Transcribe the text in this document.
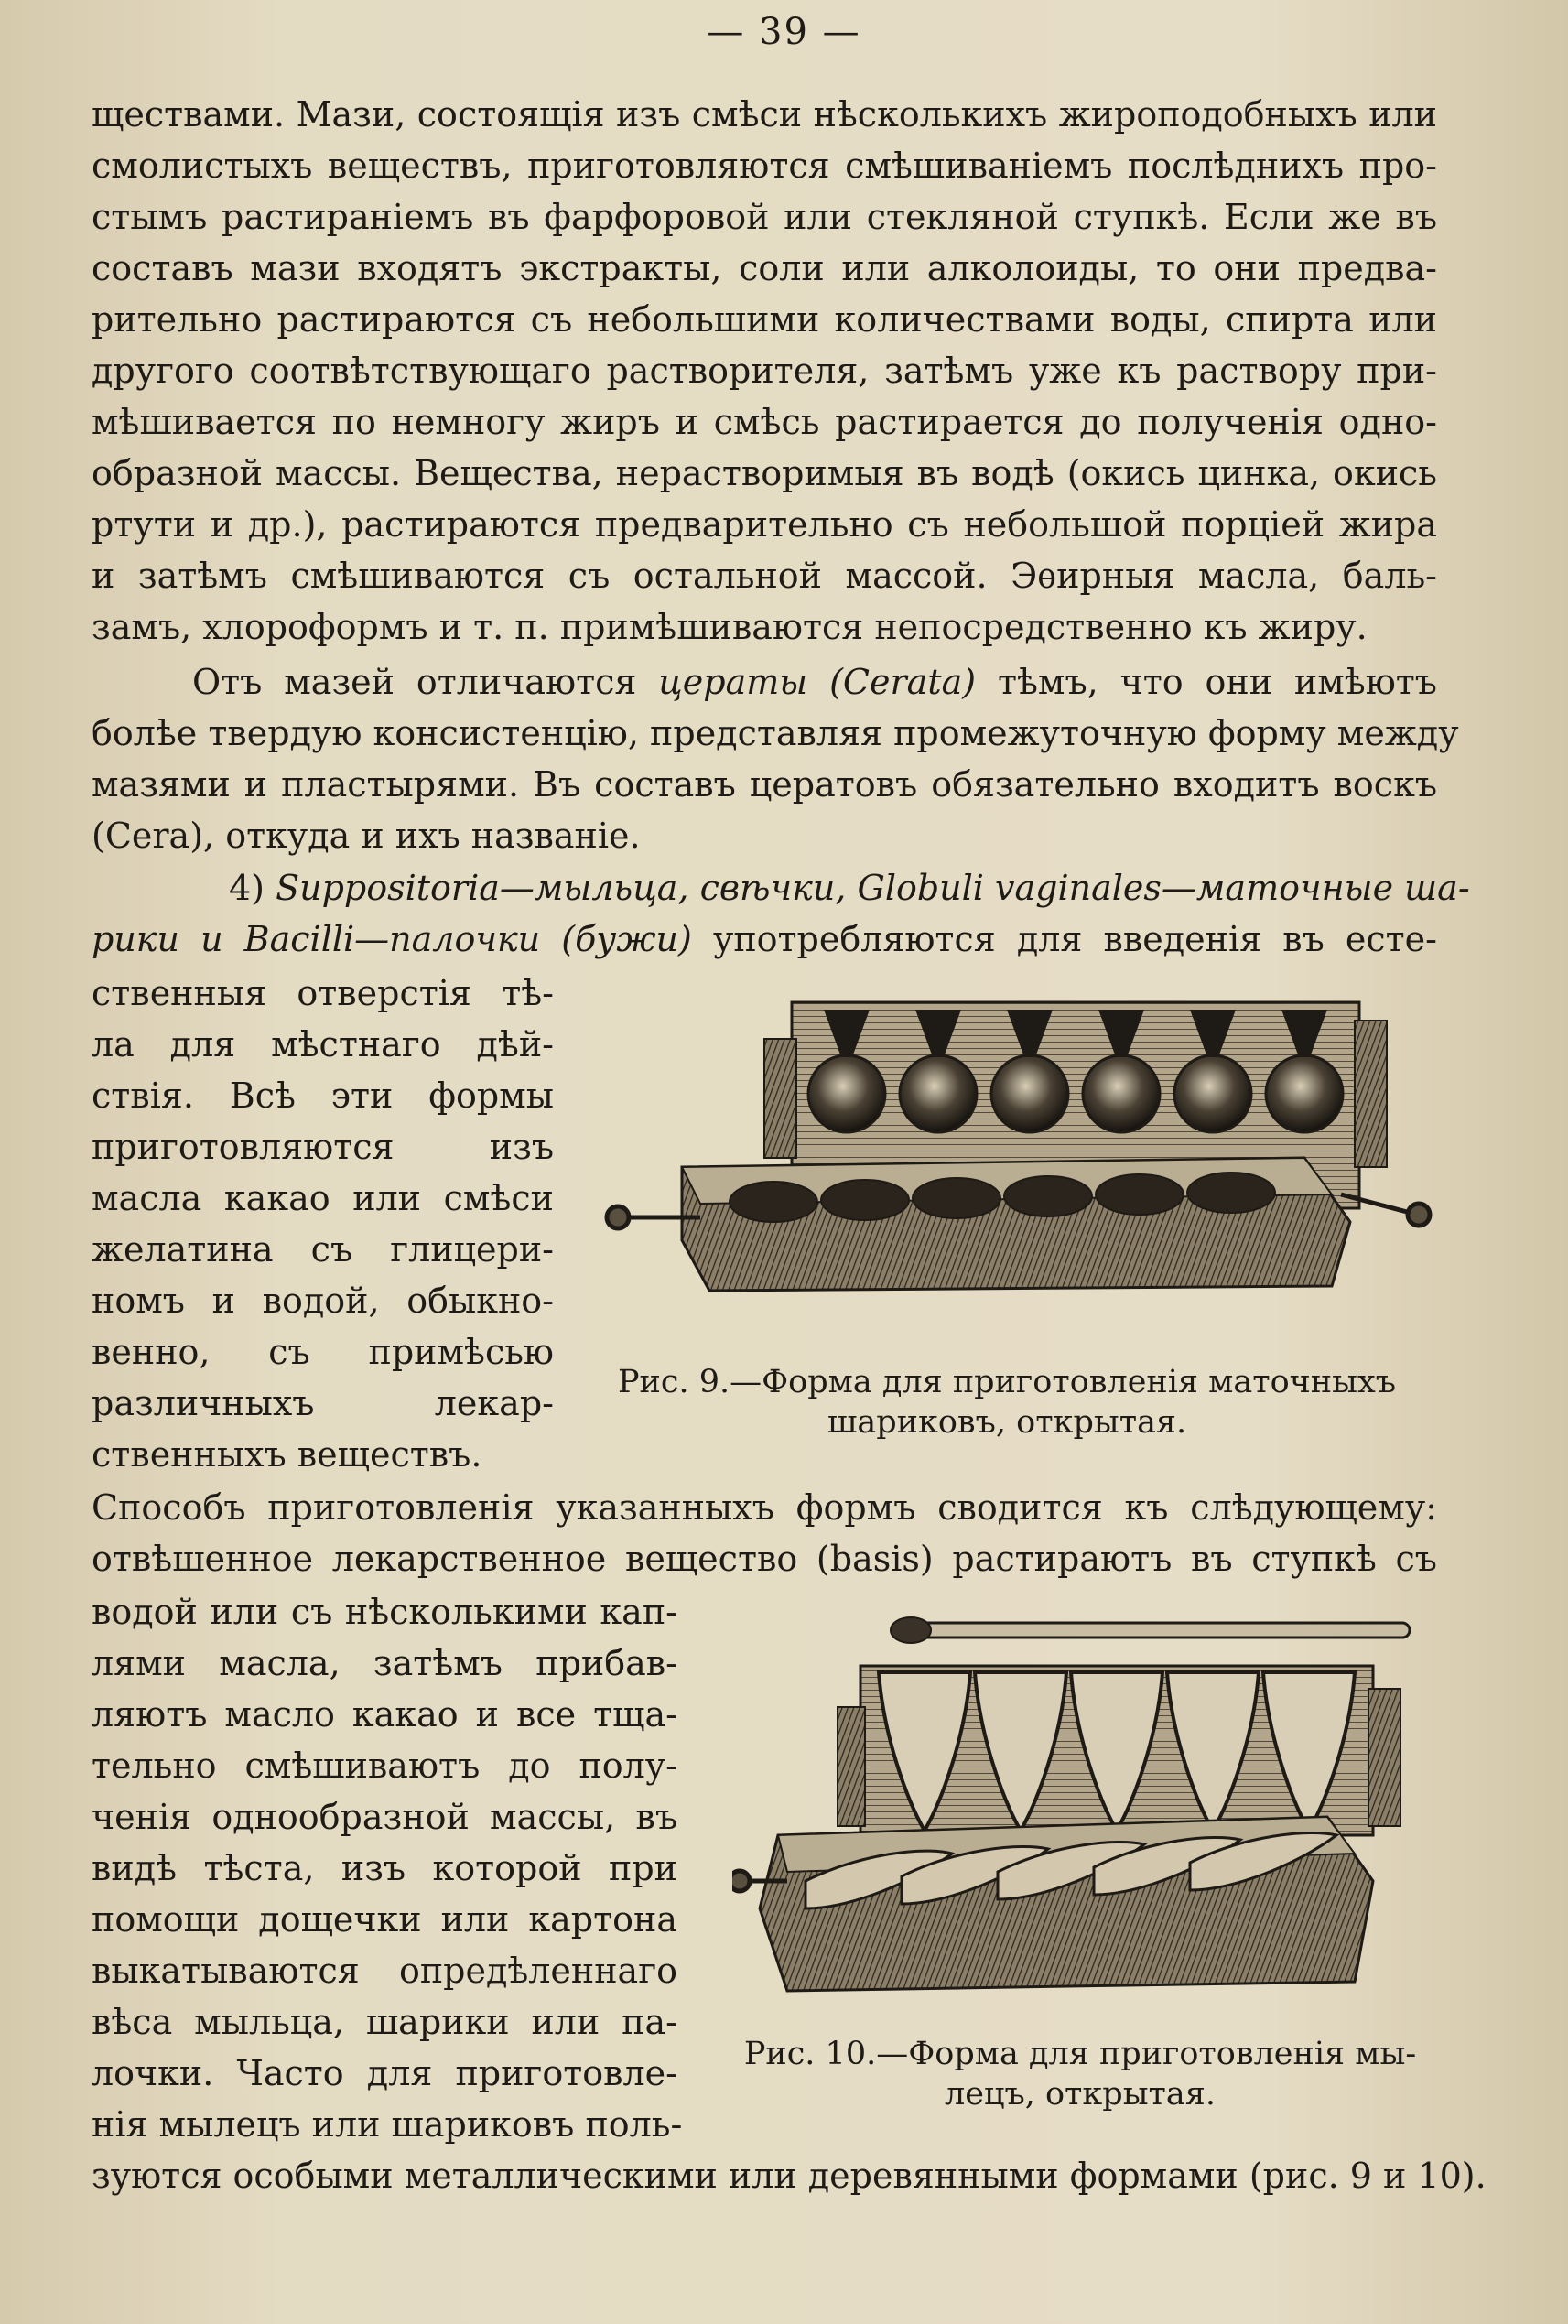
— 39 —
ществами. Мази, состоящія изъ смѣси нѣсколькихъ жироподобныхъ или
смолистыхъ веществъ, приготовляются смѣшиваніемъ послѣднихъ про-
стымъ растираніемъ въ фарфоровой или стекляной ступкѣ. Если же въ
составъ мази входятъ экстракты, соли или алколоиды, то они предва-
рительно растираются съ небольшими количествами воды, спирта или
другого соотвѣтствующаго растворителя, затѣмъ уже къ раствору при-
мѣшивается по немногу жиръ и смѣсь растирается до полученія одно-
образной массы. Вещества, нерастворимыя въ водѣ (окись цинка, окись
ртути и др.), растираются предварительно съ небольшой порціей жира
и затѣмъ смѣшиваются съ остальной массой. Эѳирныя масла, баль-
замъ, хлороформъ и т. п. примѣшиваются непосредственно къ жиру.
Отъ мазей отличаются цераты (Cerata) тѣмъ, что они имѣютъ
болѣе твердую консистенцію, представляя промежуточную форму между
мазями и пластырями. Въ составъ цератовъ обязательно входитъ воскъ
(Cera), откуда и ихъ названіе.
4) Suppositoria—мыльца, свѣчки, Globuli vaginales—маточные ша-
рики и Bacilli—палочки (бужи) употребляются для введенія въ есте-
ственныя отверстія тѣ-
ла для мѣстнаго дѣй-
ствія. Всѣ эти формы
приготовляются изъ
масла какао или смѣси
желатина съ глицери-
номъ и водой, обыкно-
венно, съ примѣсью
различныхъ лекар-
ственныхъ веществъ.
Рис. 9.—Форма для приготовленія маточныхъ
шариковъ, открытая.
Способъ приготовленія указанныхъ формъ сводится къ слѣдующему:
отвѣшенное лекарственное вещество (basis) растираютъ въ ступкѣ съ
водой или съ нѣсколькими кап-
лями масла, затѣмъ прибав-
ляютъ масло какао и все тща-
тельно смѣшиваютъ до полу-
ченія однообразной массы, въ
видѣ тѣста, изъ которой при
помощи дощечки или картона
выкатываются опредѣленнаго
вѣса мыльца, шарики или па-
лочки. Часто для приготовле-
нія мылецъ или шариковъ поль-
Рис. 10.—Форма для приготовленія мы-
лецъ, открытая.
зуются особыми металлическими или деревянными формами (рис. 9 и 10).
